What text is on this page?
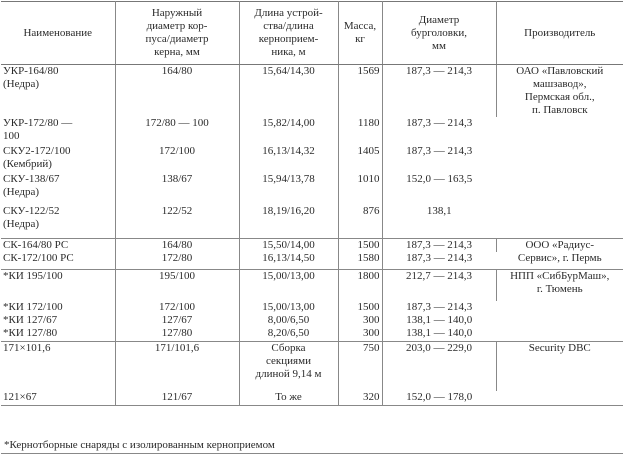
Наименование	Наружный
диаметр кор-
пуса/диаметр
керна, мм	Длина устрой-
ства/длина
керноприем-
ника, м	Масса,
кг	Диаметр
бурголовки,
мм	Производитель

УКР-164/80
(Недра)	164/80	15,64/14,30	1569	187,3 — 214,3	ОАО «Павловский
машзавод»,
Пермская обл.,
п. Павловск

УКР-172/80 —
100	172/80 — 100	15,82/14,00	1180	187,3 — 214,3	

СКУ2-172/100
(Кембрий)	172/100	16,13/14,32	1405	187,3 — 214,3	

СКУ-138/67
(Недра)	138/67	15,94/13,78	1010	152,0 — 163,5	

СКУ-122/52
(Недра)	122/52	18,19/16,20	876	138,1	

СК-164/80 РС	164/80	15,50/14,00	1500	187,3 — 214,3	ООО «Радиус-
Сервис», г. Пермь

СК-172/100 РС	172/80	16,13/14,50	1580	187,3 — 214,3	

*КИ 195/100	195/100	15,00/13,00	1800	212,7 — 214,3	НПП «СибБурМаш»,
г. Тюмень

*КИ 172/100	172/100	15,00/13,00	1500	187,3 — 214,3	

*КИ 127/67	127/67	8,00/6,50	300	138,1 — 140,0	

*КИ 127/80	127/80	8,20/6,50	300	138,1 — 140,0	

171×101,6	171/101,6	Сборка
секциями
длиной 9,14 м	750	203,0 — 229,0	Security DBC

121×67	121/67	То же	320	152,0 — 178,0	
*Кернотборные снаряды с изолированным керноприемом
